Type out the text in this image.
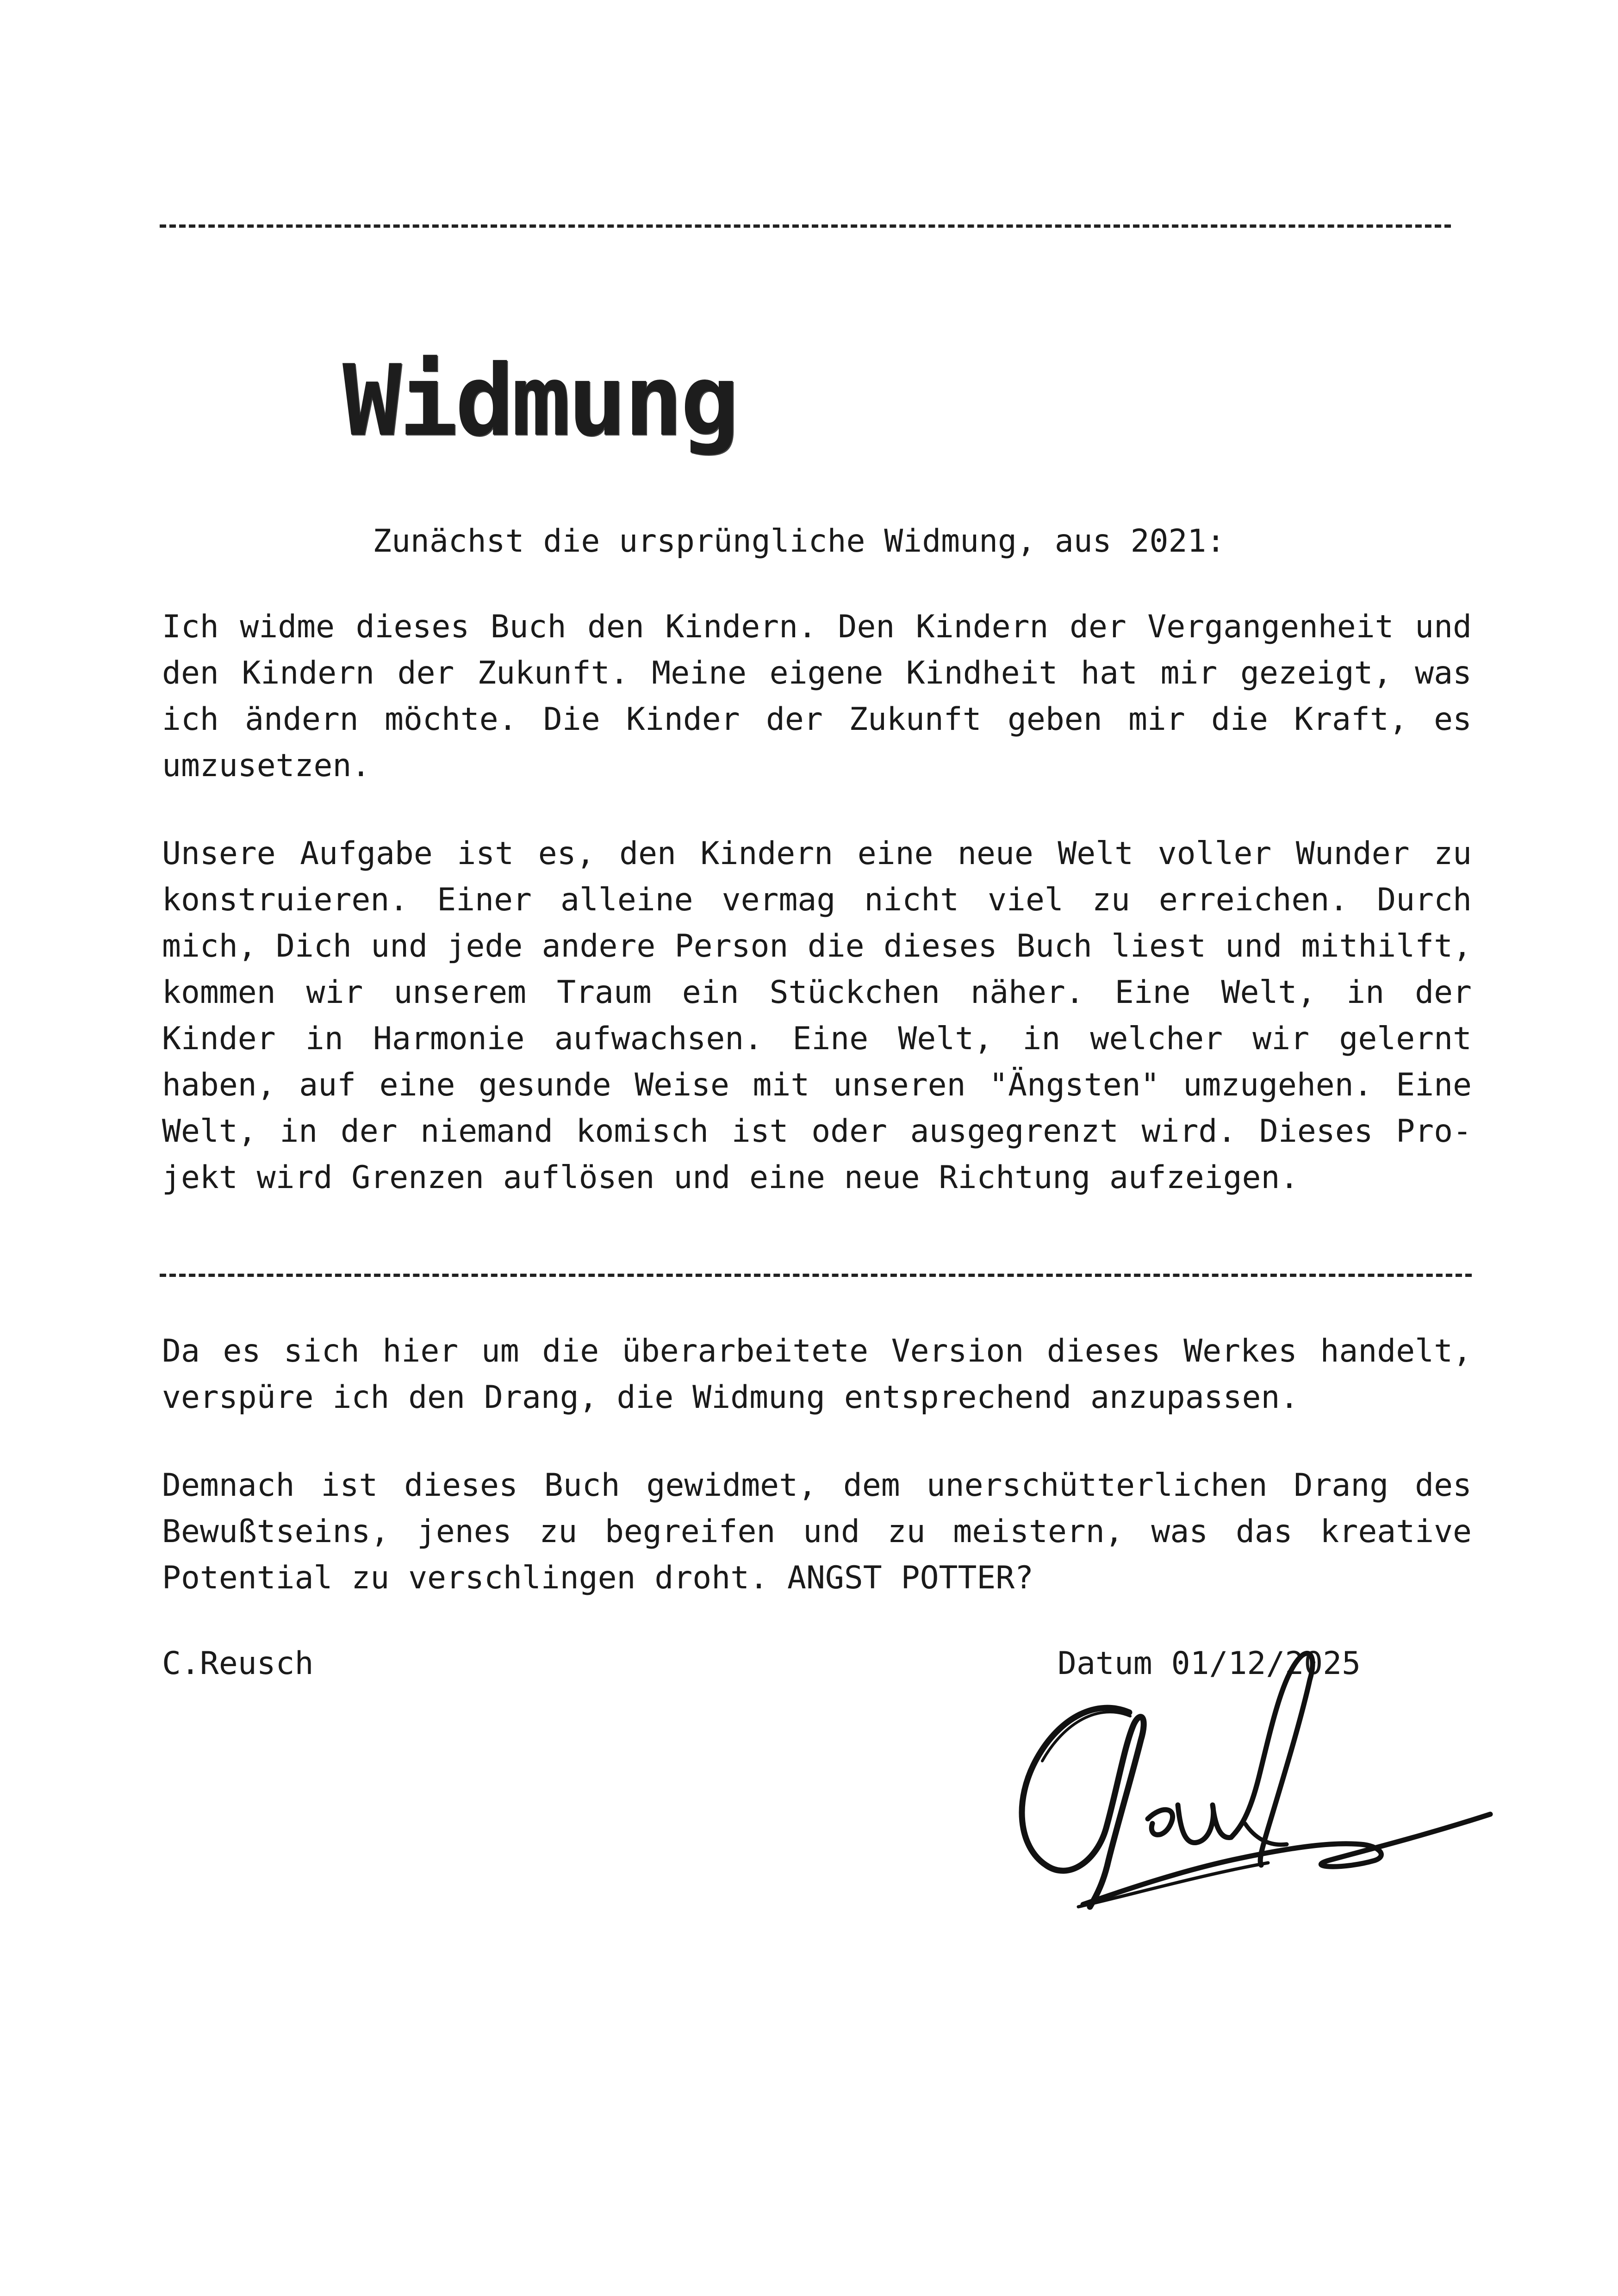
Widmung
Zunächst die ursprüngliche Widmung, aus 2021:
Ich widme dieses Buch den Kindern. Den Kindern der Vergangenheit und
den Kindern der Zukunft. Meine eigene Kindheit hat mir gezeigt, was
ich ändern möchte. Die Kinder der Zukunft geben mir die Kraft, es
umzusetzen.
Unsere Aufgabe ist es, den Kindern eine neue Welt voller Wunder zu
konstruieren. Einer alleine vermag nicht viel zu erreichen. Durch
mich, Dich und jede andere Person die dieses Buch liest und mithilft,
kommen wir unserem Traum ein Stückchen näher. Eine Welt, in der
Kinder in Harmonie aufwachsen. Eine Welt, in welcher wir gelernt
haben, auf eine gesunde Weise mit unseren "Ängsten" umzugehen. Eine
Welt, in der niemand komisch ist oder ausgegrenzt wird. Dieses Pro-
jekt wird Grenzen auflösen und eine neue Richtung aufzeigen.
Da es sich hier um die überarbeitete Version dieses Werkes handelt,
verspüre ich den Drang, die Widmung entsprechend anzupassen.
Demnach ist dieses Buch gewidmet, dem unerschütterlichen Drang des
Bewußtseins, jenes zu begreifen und zu meistern, was das kreative
Potential zu verschlingen droht. ANGST POTTER?
C.Reusch	Datum 01/12/2025
